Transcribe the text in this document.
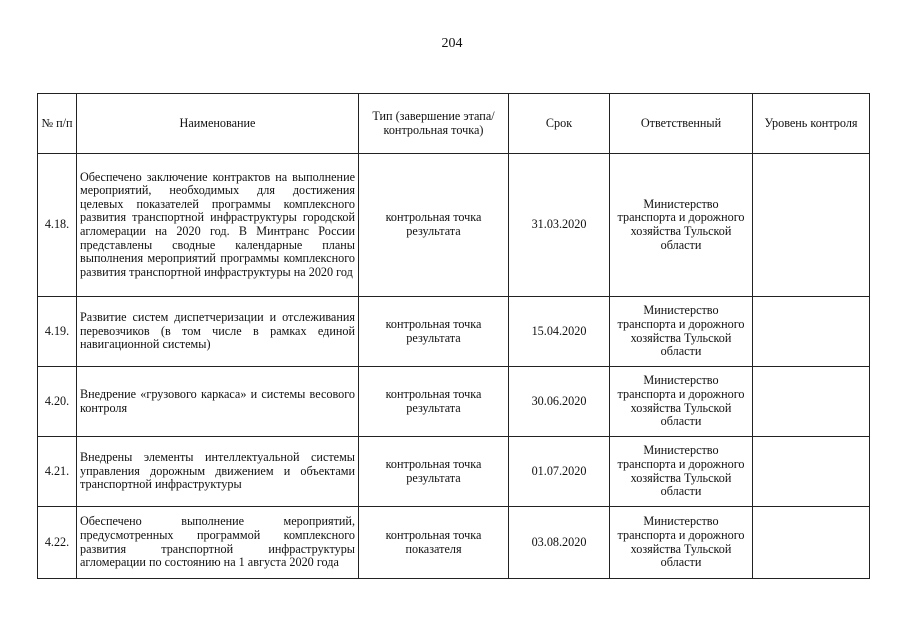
204
№ п/п	Наименование	Тип (завершение этапа/контрольная точка)	Срок	Ответственный	Уровень контроля
4.18.	Обеспечено заключение контрактов на выполнение мероприятий, необходимых для достижения целевых показателей программы комплексного развития транспортной инфраструктуры городской агломерации на 2020 год. В Минтранс России представлены сводные календарные планы выполнения мероприятий программы комплексного развития транспортной инфраструктуры на 2020 год	контрольная точка результата	31.03.2020	Министерство транспорта и дорожного хозяйства Тульской области	
4.19.	Развитие систем диспетчеризации и отслеживания перевозчиков (в том числе в рамках единой навигационной системы)	контрольная точка результата	15.04.2020	Министерство транспорта и дорожного хозяйства Тульской области	
4.20.	Внедрение «грузового каркаса» и системы весового контроля	контрольная точка результата	30.06.2020	Министерство транспорта и дорожного хозяйства Тульской области	
4.21.	Внедрены элементы интеллектуальной системы управления дорожным движением и объектами транспортной инфраструктуры	контрольная точка результата	01.07.2020	Министерство транспорта и дорожного хозяйства Тульской области	
4.22.	Обеспечено выполнение мероприятий, предусмотренных программой комплексного развития транспортной инфраструктуры агломерации по состоянию на 1 августа 2020 года	контрольная точка показателя	03.08.2020	Министерство транспорта и дорожного хозяйства Тульской области	
